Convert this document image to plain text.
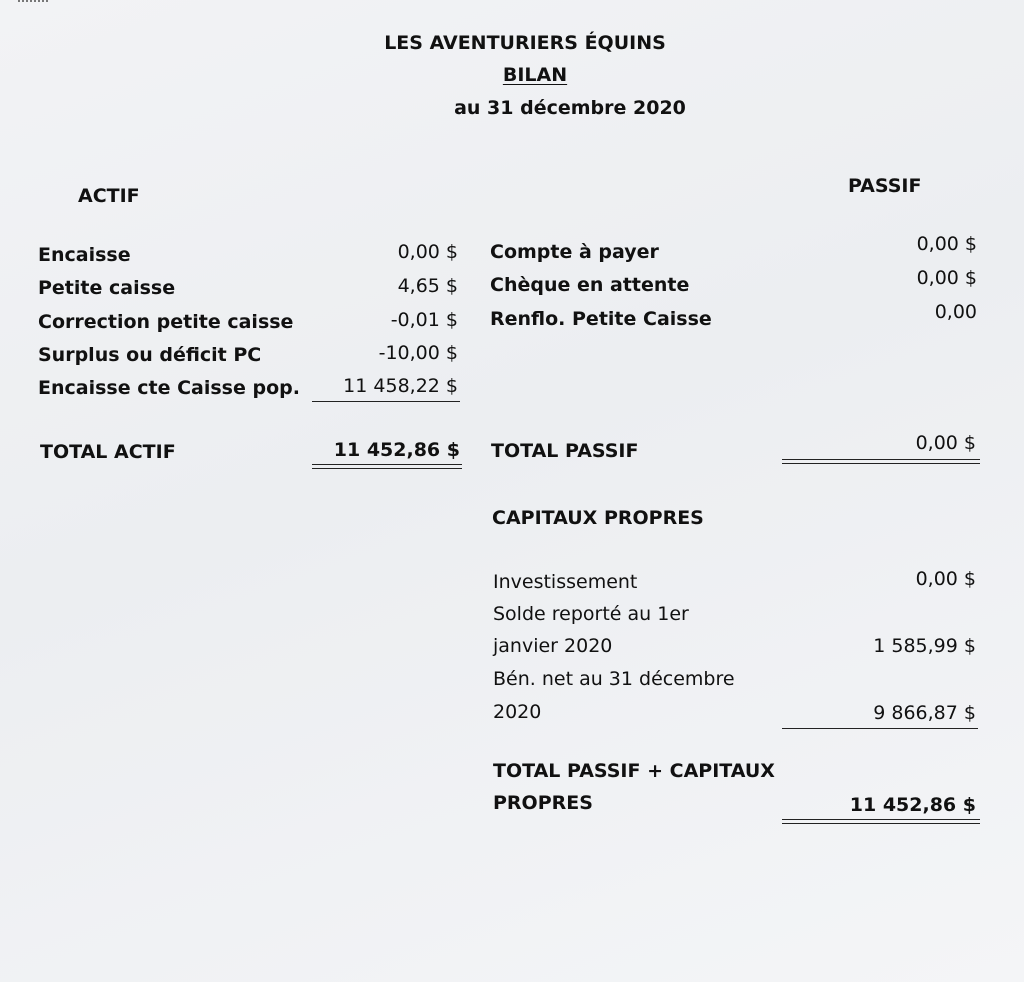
LES AVENTURIERS ÉQUINS
BILAN
au 31 décembre 2020
ACTIF	PASSIF
Encaisse	0,00 $
Petite caisse	4,65 $
Correction petite caisse	-0,01 $
Surplus ou déficit PC	-10,00 $
Encaisse cte Caisse pop.	11 458,22 $
TOTAL ACTIF	11 452,86 $
Compte à payer	0,00 $
Chèque en attente	0,00 $
Renflo. Petite Caisse	0,00
TOTAL PASSIF	0,00 $
CAPITAUX PROPRES
Investissement	0,00 $
Solde reporté au 1er
janvier 2020	1 585,99 $
Bén. net au 31 décembre
2020	9 866,87 $
TOTAL PASSIF + CAPITAUX
PROPRES	11 452,86 $
